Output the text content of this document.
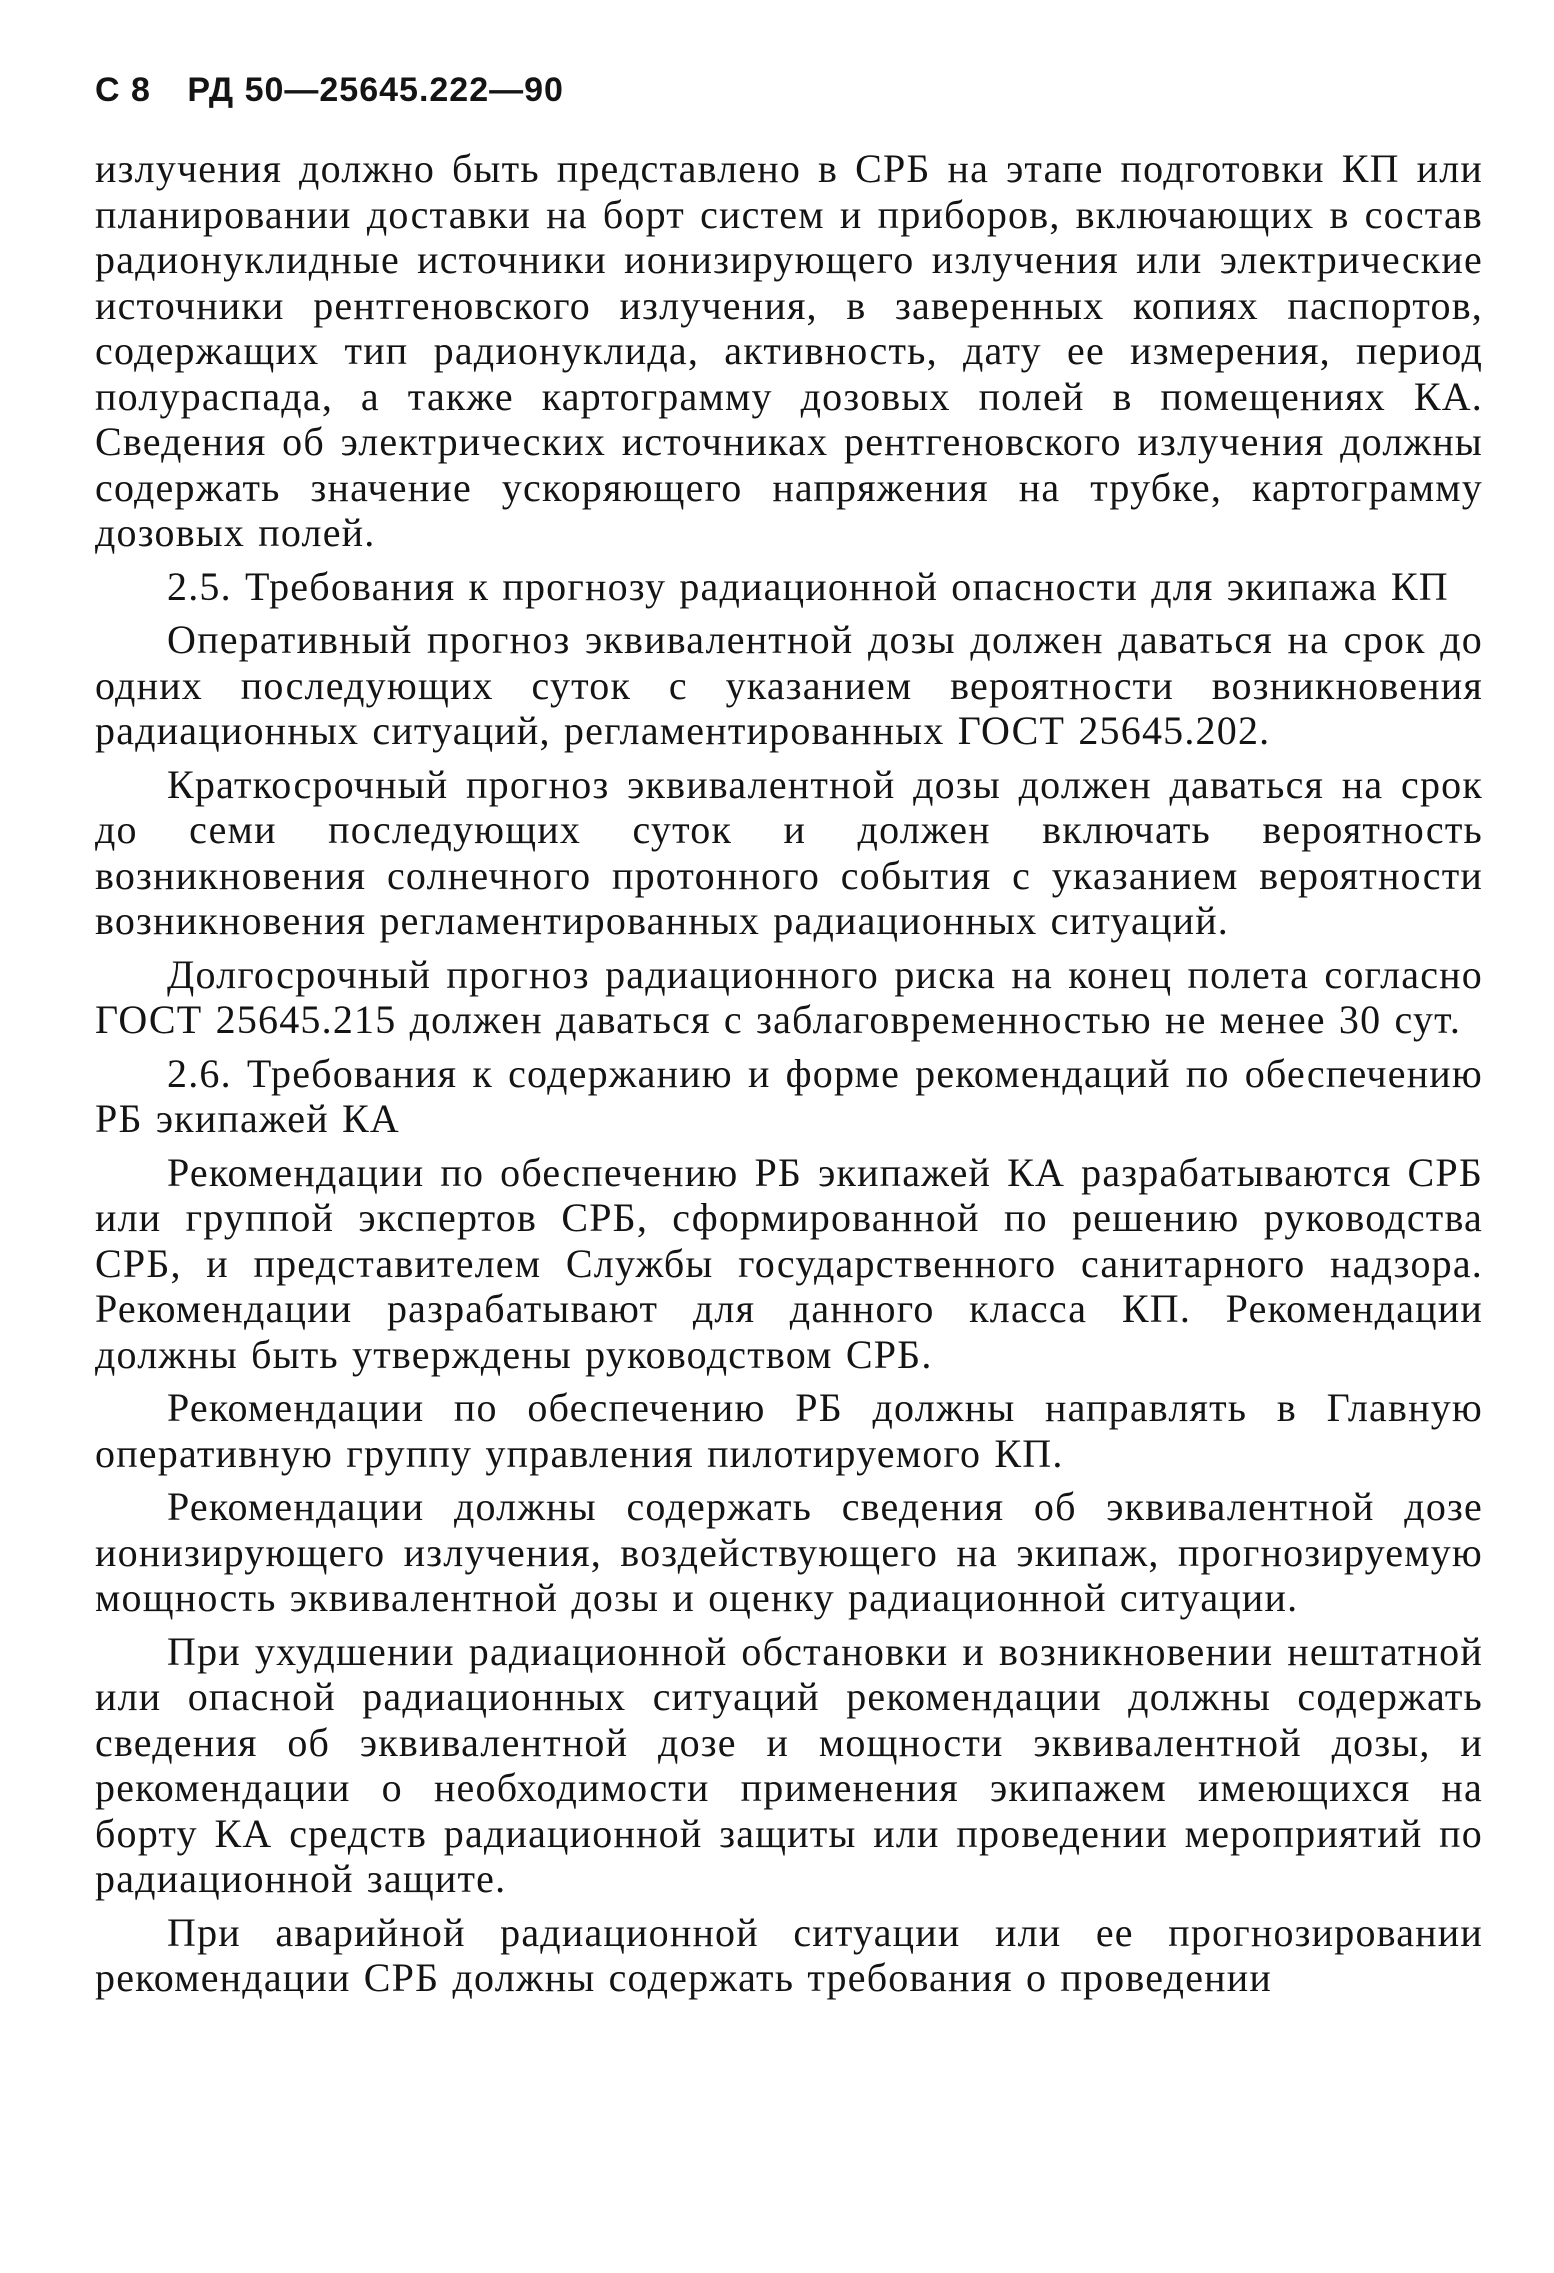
С 8 РД 50—25645.222—90

излучения должно быть представлено в СРБ на этапе подготовки КП или планировании доставки на борт систем и приборов, включающих в состав радионуклидные источники ионизирующего излучения или электрические источники рентгеновского излучения, в заверенных копиях паспортов, содержащих тип радионуклида, активность, дату ее измерения, период полураспада, а также картограмму дозовых полей в помещениях КА. Сведения об электрических источниках рентгеновского излучения должны содержать значение ускоряющего напряжения на трубке, картограмму дозовых полей.

2.5. Требования к прогнозу радиационной опасности для экипажа КП

Оперативный прогноз эквивалентной дозы должен даваться на срок до одних последующих суток с указанием вероятности возникновения радиационных ситуаций, регламентированных ГОСТ 25645.202.

Краткосрочный прогноз эквивалентной дозы должен даваться на срок до семи последующих суток и должен включать вероятность возникновения солнечного протонного события с указанием вероятности возникновения регламентированных радиационных ситуаций.

Долгосрочный прогноз радиационного риска на конец полета согласно ГОСТ 25645.215 должен даваться с заблаговременностью не менее 30 сут.

2.6. Требования к содержанию и форме рекомендаций по обеспечению РБ экипажей КА

Рекомендации по обеспечению РБ экипажей КА разрабатываются СРБ или группой экспертов СРБ, сформированной по решению руководства СРБ, и представителем Службы государственного санитарного надзора. Рекомендации разрабатывают для данного класса КП. Рекомендации должны быть утверждены руководством СРБ.

Рекомендации по обеспечению РБ должны направлять в Главную оперативную группу управления пилотируемого КП.

Рекомендации должны содержать сведения об эквивалентной дозе ионизирующего излучения, воздействующего на экипаж, прогнозируемую мощность эквивалентной дозы и оценку радиационной ситуации.

При ухудшении радиационной обстановки и возникновении нештатной или опасной радиационных ситуаций рекомендации должны содержать сведения об эквивалентной дозе и мощности эквивалентной дозы, и рекомендации о необходимости применения экипажем имеющихся на борту КА средств радиационной защиты или проведении мероприятий по радиационной защите.

При аварийной радиационной ситуации или ее прогнозировании рекомендации СРБ должны содержать требования о проведении
